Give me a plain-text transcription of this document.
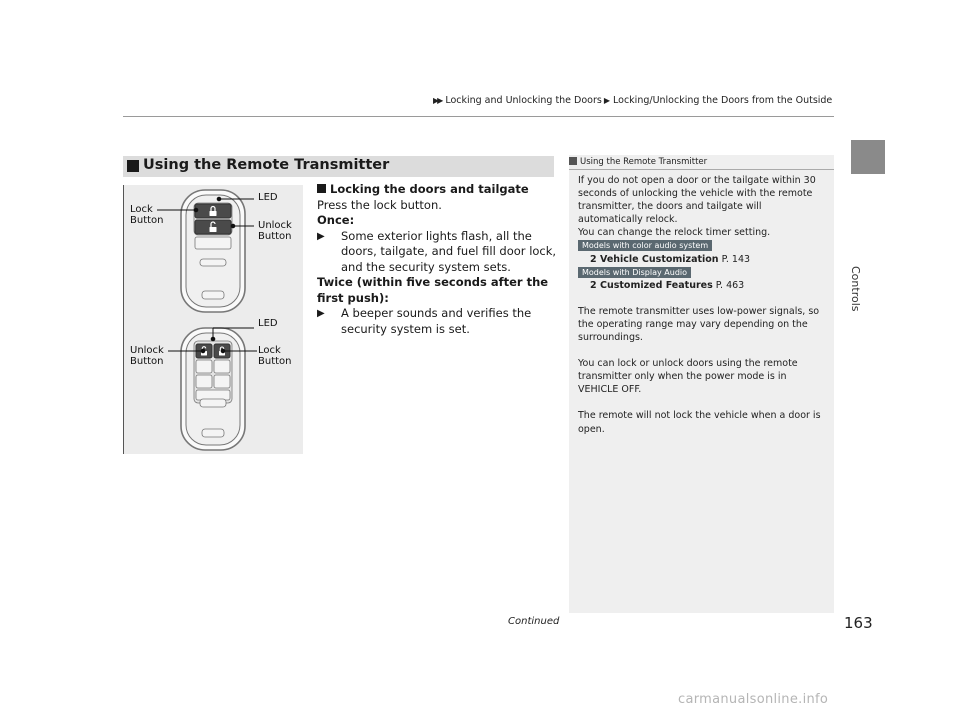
▶▶ Locking and Unlocking the Doors ▶ Locking/Unlocking the Doors from the Outside
Controls
Using the Remote Transmitter
LED
Lock
Button	Unlock
Button
LED
Unlock
Button
Lock
Button
Locking the doors and tailgate
Press the lock button.
Once:
▶	Some exterior lights flash, all the doors, tailgate, and fuel fill door lock, and the security system sets.
Twice (within five seconds after the first push):
▶	A beeper sounds and verifies the security system is set.
Using the Remote Transmitter

If you do not open a door or the tailgate within 30 seconds of unlocking the vehicle with the remote transmitter, the doors and tailgate will automatically relock.

You can change the relock timer setting.

Models with color audio system
2 Vehicle Customization P. 143
Models with Display Audio
2 Customized Features P. 463

The remote transmitter uses low-power signals, so the operating range may vary depending on the surroundings.

You can lock or unlock doors using the remote transmitter only when the power mode is in VEHICLE OFF.

The remote will not lock the vehicle when a door is open.

Continued	163
carmanualsonline.info
